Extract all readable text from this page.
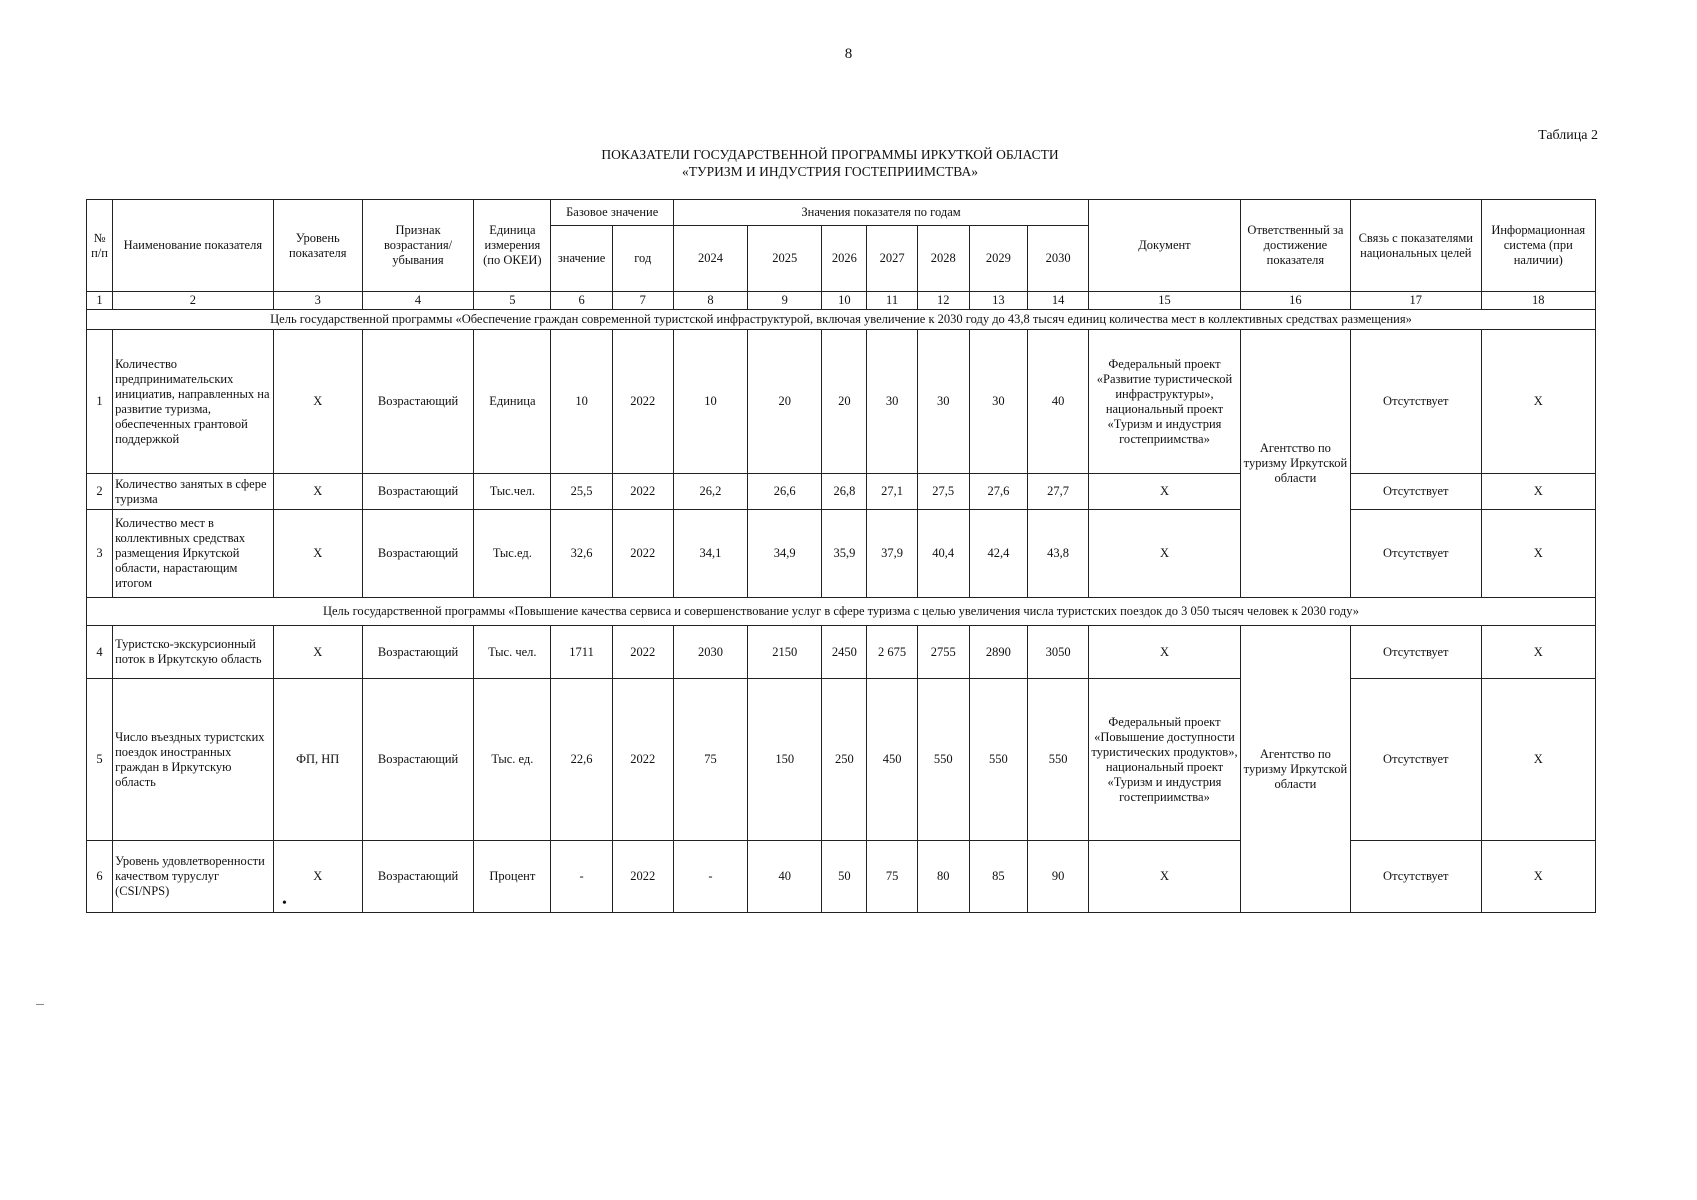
8
Таблица 2
ПОКАЗАТЕЛИ ГОСУДАРСТВЕННОЙ ПРОГРАММЫ ИРКУТКОЙ ОБЛАСТИ
«ТУРИЗМ И ИНДУСТРИЯ ГОСТЕПРИИМСТВА»
№ п/п	Наименование показателя	Уровень показателя	Признак возрастания/убывания	Единица измерения (по ОКЕИ)	Базовое значение		Значения показателя по годам							Документ	Ответственный за достижение показателя	Связь с показателями национальных целей	Информационная система (при наличии)
					значение	год	2024	2025	2026	2027	2028	2029	2030				
1	2	3	4	5	6	7	8	9	10	11	12	13	14	15	16	17	18
Цель государственной программы «Обеспечение граждан современной туристской инфраструктурой, включая увеличение к 2030 году до 43,8 тысяч единиц количества мест в коллективных средствах размещения»																	
1	Количество предпринимательских инициатив, направленных на развитие туризма, обеспеченных грантовой поддержкой	X	Возрастающий	Единица	10	2022	10	20	20	30	30	30	40	Федеральный проект «Развитие туристической инфраструктуры», национальный проект «Туризм и индустрия гостеприимства»	Агентство по туризму Иркутской области	Отсутствует	X
2	Количество занятых в сфере туризма	X	Возрастающий	Тыс.чел.	25,5	2022	26,2	26,6	26,8	27,1	27,5	27,6	27,7	X		Отсутствует	X
3	Количество мест в коллективных средствах размещения Иркутской области, нарастающим итогом	X	Возрастающий	Тыс.ед.	32,6	2022	34,1	34,9	35,9	37,9	40,4	42,4	43,8	X		Отсутствует	X
Цель государственной программы «Повышение качества сервиса и совершенствование услуг в сфере туризма с целью увеличения числа туристских поездок до 3 050 тысяч человек к 2030 году»																	
4	Туристско-экскурсионный поток в Иркутскую область	X	Возрастающий	Тыс. чел.	1711	2022	2030	2150	2450	2 675	2755	2890	3050	X	Агентство по туризму Иркутской области	Отсутствует	X
5	Число въездных туристских поездок иностранных граждан в Иркутскую область	ФП, НП	Возрастающий	Тыс. ед.	22,6	2022	75	150	250	450	550	550	550	Федеральный проект «Повышение доступности туристических продуктов», национальный проект «Туризм и индустрия гостеприимства»		Отсутствует	X
6	Уровень удовлетворенности качеством туруслуг (CSI/NPS)	X	Возрастающий	Процент	-	2022	-	40	50	75	80	85	90	X		Отсутствует	X
•
